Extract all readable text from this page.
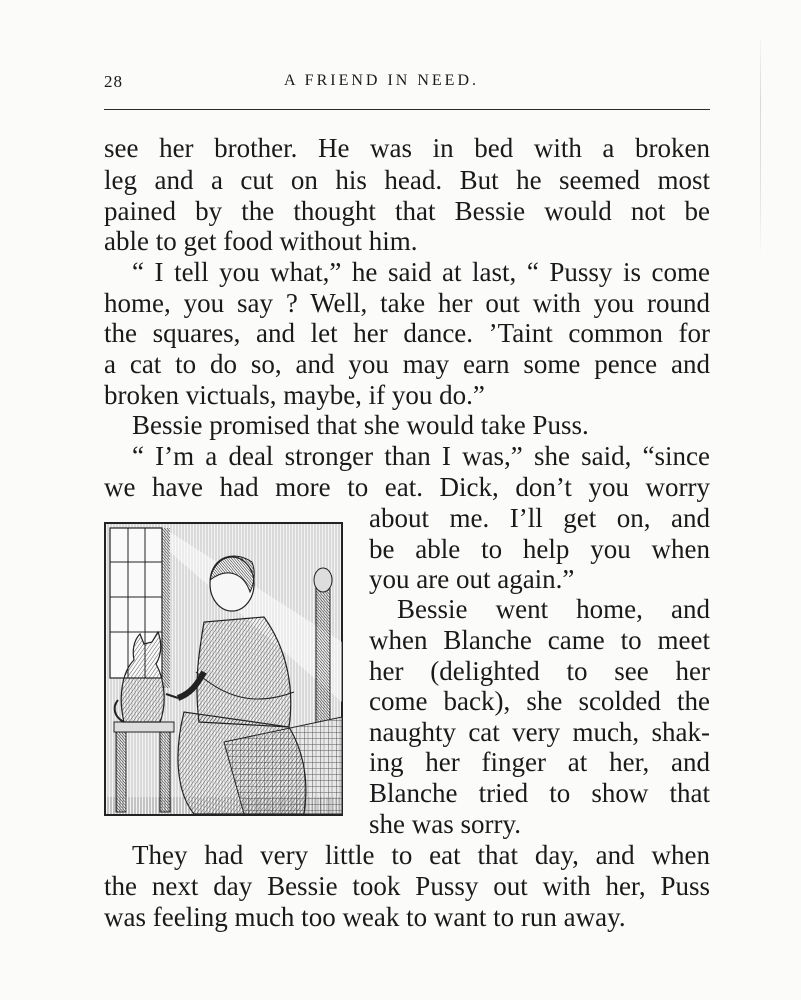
28	A FRIEND IN NEED.
see her brother. He was in bed with a broken
leg and a cut on his head. But he seemed most
pained by the thought that Bessie would not be
able to get food without him.
“ I tell you what,” he said at last, “ Pussy is come
home, you say ? Well, take her out with you round
the squares, and let her dance. ’Taint common for
a cat to do so, and you may earn some pence and
broken victuals, maybe, if you do.”
Bessie promised that she would take Puss.
“ I’m a deal stronger than I was,” she said, “since
we have had more to eat. Dick, don’t you worry
about me. I’ll get on, and
be able to help you when
you are out again.”
Bessie went home, and
when Blanche came to meet
her (delighted to see her
come back), she scolded the
naughty cat very much, shak-
ing her finger at her, and
Blanche tried to show that
she was sorry.
They had very little to eat that day, and when
the next day Bessie took Pussy out with her, Puss
was feeling much too weak to want to run away.
